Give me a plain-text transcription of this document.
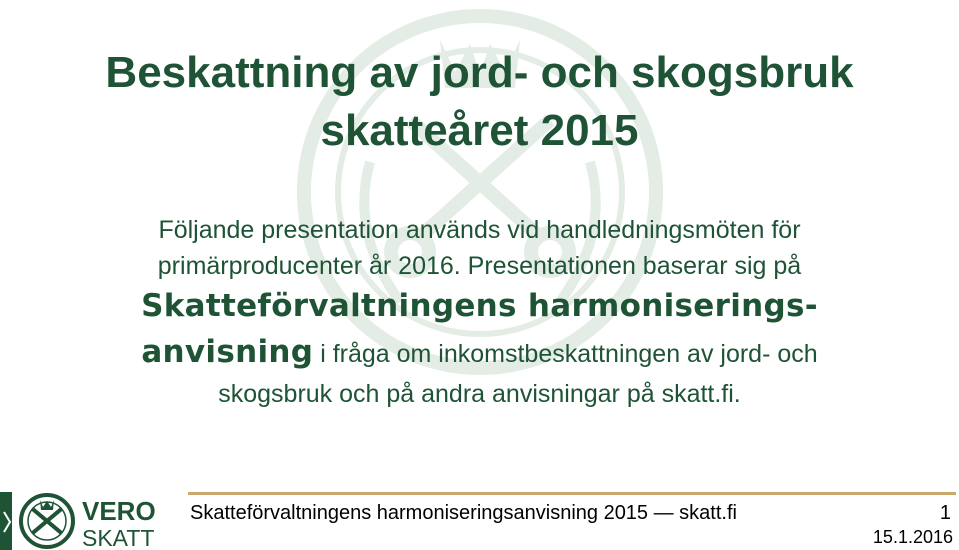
Beskattning av jord- och skogsbruk
skatteåret 2015
Följande presentation används vid handledningsmöten för
primärproducenter år 2016. Presentationen baserar sig på
Skatteförvaltningens harmoniserings-
anvisning i fråga om inkomstbeskattningen av jord- och
skogsbruk och på andra anvisningar på skatt.fi.
VERO
SKATT
Skatteförvaltningens harmoniseringsanvisning 2015 — skatt.fi	1
15.1.2016
